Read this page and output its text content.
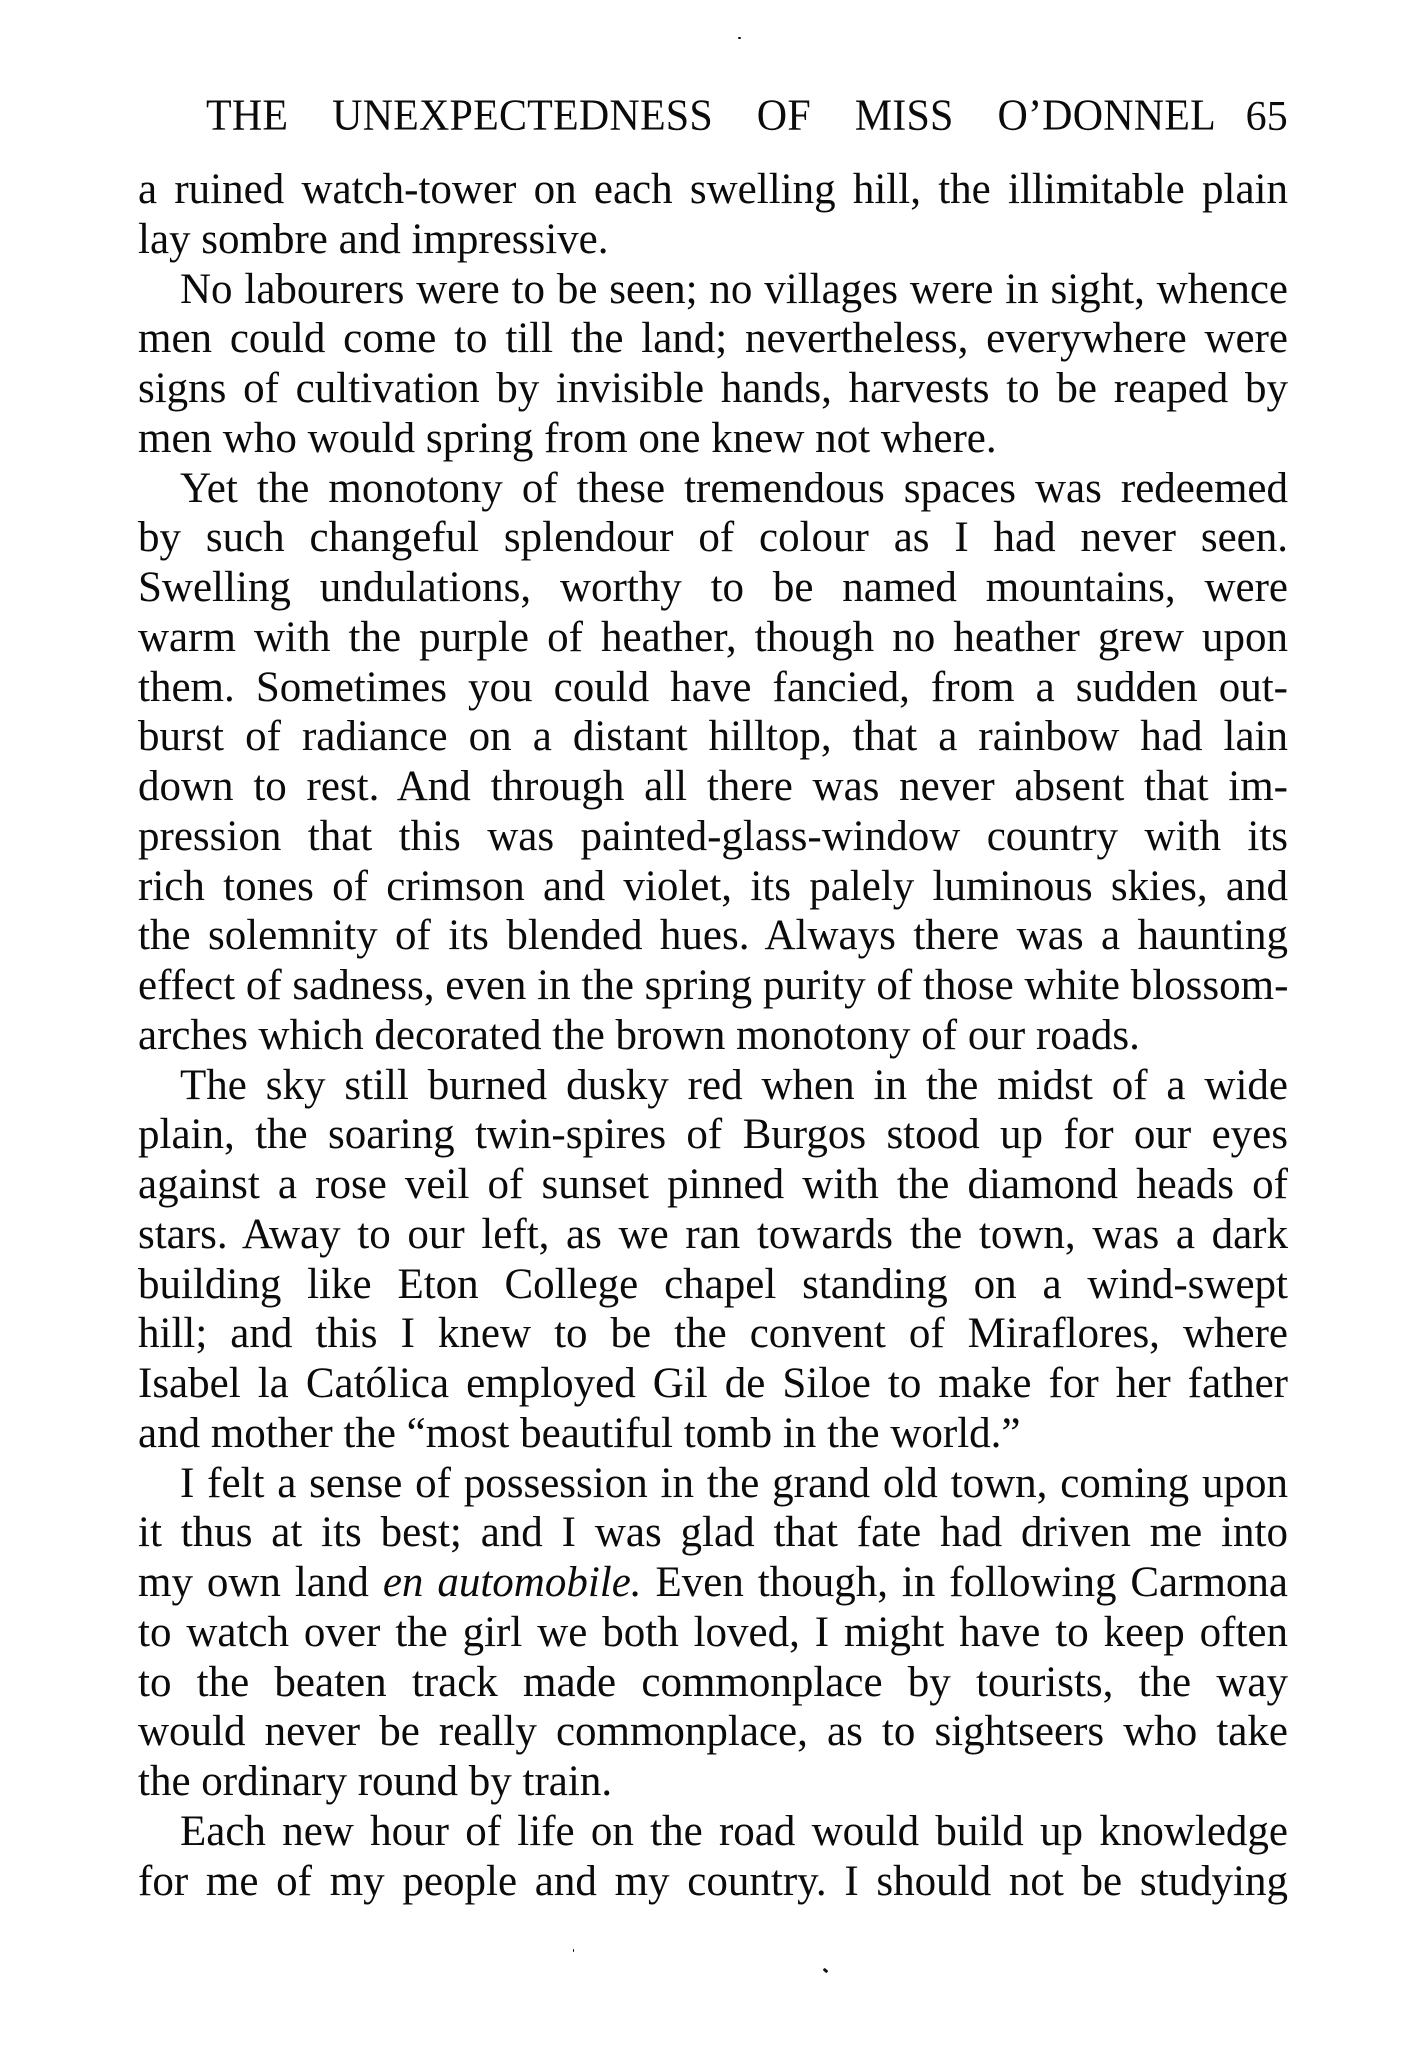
THE UNEXPECTEDNESS OF MISS O’DONNEL 65
a ruined watch-tower on each swelling hill, the illimitable plain
lay sombre and impressive.
No labourers were to be seen; no villages were in sight, whence
men could come to till the land; nevertheless, everywhere were
signs of cultivation by invisible hands, harvests to be reaped by
men who would spring from one knew not where.
Yet the monotony of these tremendous spaces was redeemed
by such changeful splendour of colour as I had never seen.
Swelling undulations, worthy to be named mountains, were
warm with the purple of heather, though no heather grew upon
them. Sometimes you could have fancied, from a sudden out-
burst of radiance on a distant hilltop, that a rainbow had lain
down to rest. And through all there was never absent that im-
pression that this was painted-glass-window country with its
rich tones of crimson and violet, its palely luminous skies, and
the solemnity of its blended hues. Always there was a haunting
effect of sadness, even in the spring purity of those white blossom-
arches which decorated the brown monotony of our roads.
The sky still burned dusky red when in the midst of a wide
plain, the soaring twin-spires of Burgos stood up for our eyes
against a rose veil of sunset pinned with the diamond heads of
stars. Away to our left, as we ran towards the town, was a dark
building like Eton College chapel standing on a wind-swept
hill; and this I knew to be the convent of Miraflores, where
Isabel la Católica employed Gil de Siloe to make for her father
and mother the “most beautiful tomb in the world.”
I felt a sense of possession in the grand old town, coming upon
it thus at its best; and I was glad that fate had driven me into
my own land en automobile. Even though, in following Carmona
to watch over the girl we both loved, I might have to keep often
to the beaten track made commonplace by tourists, the way
would never be really commonplace, as to sightseers who take
the ordinary round by train.
Each new hour of life on the road would build up knowledge
for me of my people and my country. I should not be studying
